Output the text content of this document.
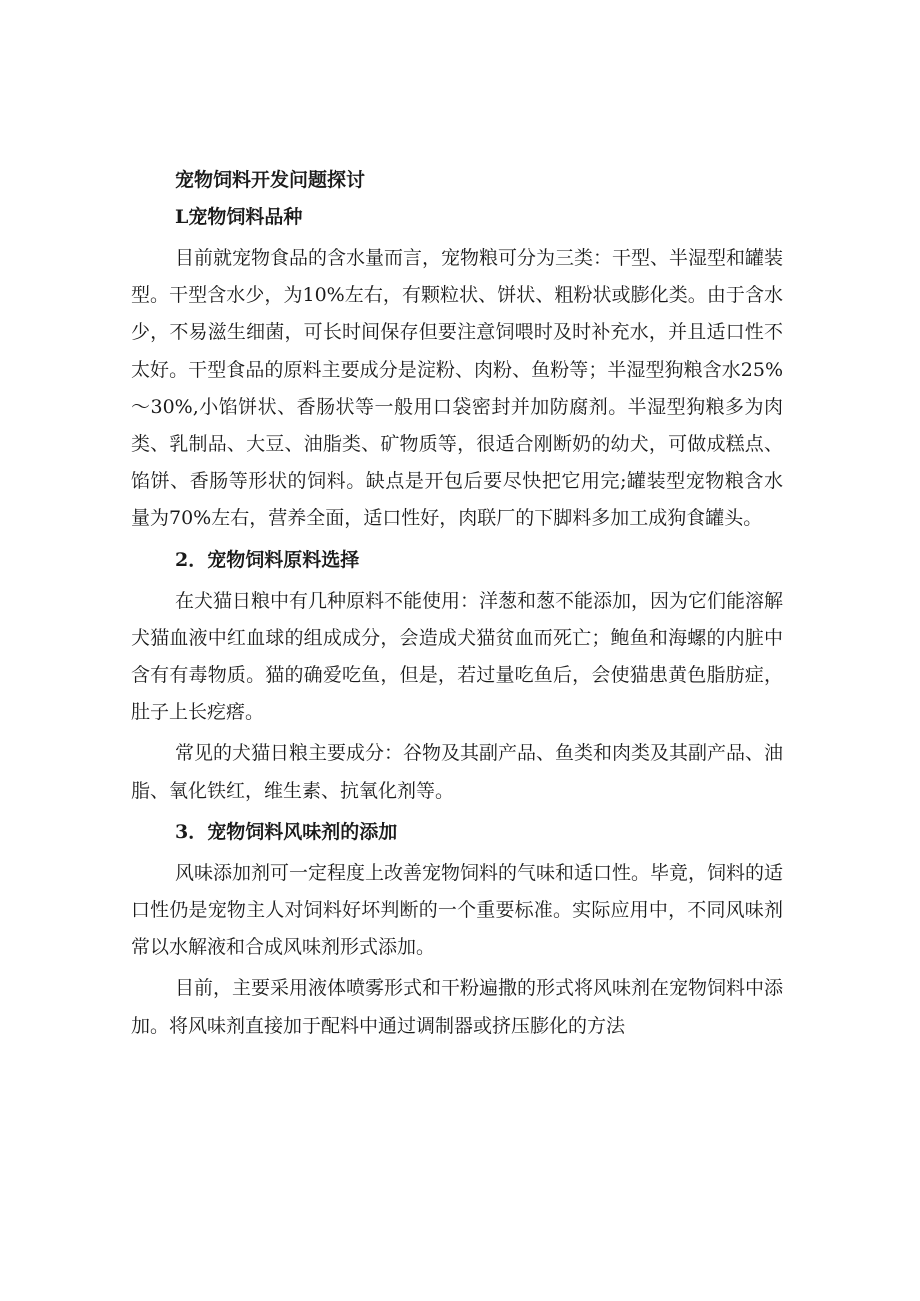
宠物饲料开发问题探讨
L宠物饲料品种

目前就宠物食品的含水量而言，宠物粮可分为三类：干型、半湿型和罐装型。干型含水少，为10%左右，有颗粒状、饼状、粗粉状或膨化类。由于含水少，不易滋生细菌，可长时间保存但要注意饲喂时及时补充水，并且适口性不太好。干型食品的原料主要成分是淀粉、肉粉、鱼粉等；半湿型狗粮含水25%～30%,小馅饼状、香肠状等一般用口袋密封并加防腐剂。半湿型狗粮多为肉类、乳制品、大豆、油脂类、矿物质等，很适合刚断奶的幼犬，可做成糕点、馅饼、香肠等形状的饲料。缺点是开包后要尽快把它用完;罐装型宠物粮含水量为70%左右，营养全面，适口性好，肉联厂的下脚料多加工成狗食罐头。

2．宠物饲料原料选择

在犬猫日粮中有几种原料不能使用：洋葱和葱不能添加，因为它们能溶解犬猫血液中红血球的组成成分，会造成犬猫贫血而死亡；鲍鱼和海螺的内脏中含有有毒物质。猫的确爱吃鱼，但是，若过量吃鱼后，会使猫患黄色脂肪症，肚子上长疙瘩。

常见的犬猫日粮主要成分：谷物及其副产品、鱼类和肉类及其副产品、油脂、氧化铁红，维生素、抗氧化剂等。

3．宠物饲料风味剂的添加

风味添加剂可一定程度上改善宠物饲料的气味和适口性。毕竟，饲料的适口性仍是宠物主人对饲料好坏判断的一个重要标准。实际应用中，不同风味剂常以水解液和合成风味剂形式添加。

目前，主要采用液体喷雾形式和干粉遍撒的形式将风味剂在宠物饲料中添加。将风味剂直接加于配料中通过调制器或挤压膨化的方法
